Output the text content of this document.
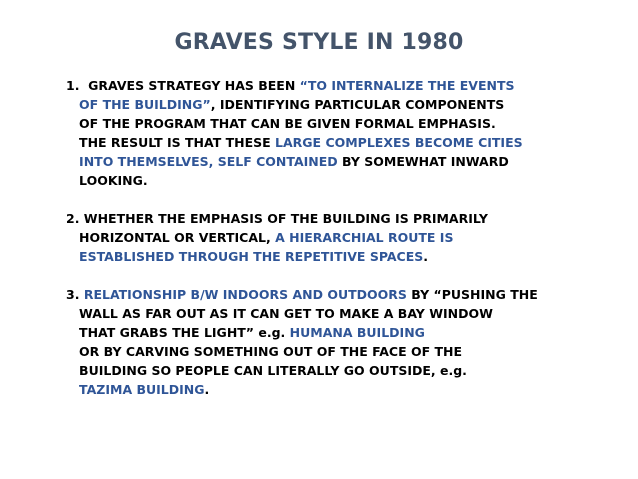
GRAVES STYLE IN 1980
1.  GRAVES STRATEGY HAS BEEN “TO INTERNALIZE THE EVENTS
OF THE BUILDING”, IDENTIFYING PARTICULAR COMPONENTS
OF THE PROGRAM THAT CAN BE GIVEN FORMAL EMPHASIS.
THE RESULT IS THAT THESE LARGE COMPLEXES BECOME CITIES
INTO THEMSELVES, SELF CONTAINED BY SOMEWHAT INWARD
LOOKING.
2. WHETHER THE EMPHASIS OF THE BUILDING IS PRIMARILY
HORIZONTAL OR VERTICAL, A HIERARCHIAL ROUTE IS
ESTABLISHED THROUGH THE REPETITIVE SPACES.
3. RELATIONSHIP B/W INDOORS AND OUTDOORS BY “PUSHING THE
WALL AS FAR OUT AS IT CAN GET TO MAKE A BAY WINDOW
THAT GRABS THE LIGHT” e.g. HUMANA BUILDING
OR BY CARVING SOMETHING OUT OF THE FACE OF THE
BUILDING SO PEOPLE CAN LITERALLY GO OUTSIDE, e.g.
TAZIMA BUILDING.
